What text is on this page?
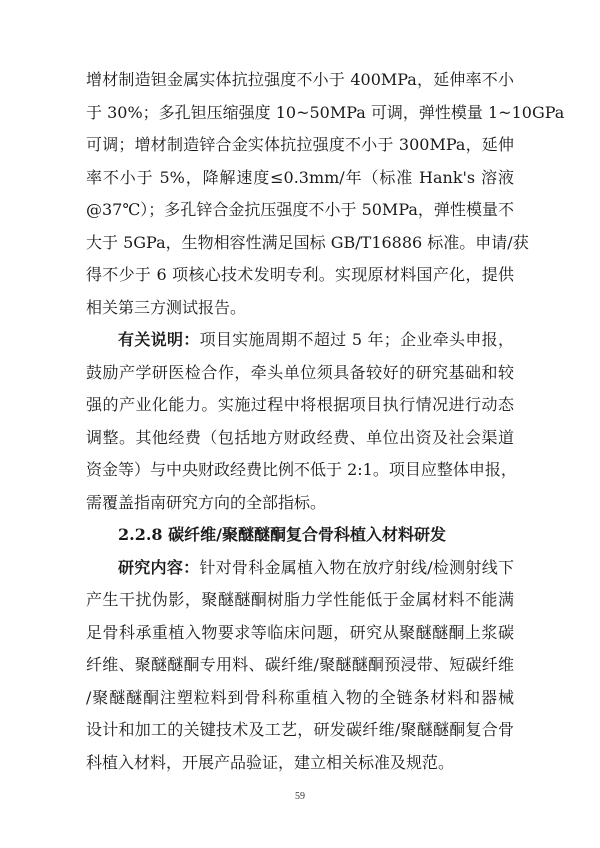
增材制造钽金属实体抗拉强度不小于 400MPa，延伸率不小
于 30%；多孔钽压缩强度 10~50MPa 可调，弹性模量 1~10GPa
可调；增材制造锌合金实体抗拉强度不小于 300MPa，延伸
率不小于 5%，降解速度≤0.3mm/年（标准 Hank's 溶液
@37℃）；多孔锌合金抗压强度不小于 50MPa，弹性模量不
大于 5GPa，生物相容性满足国标 GB/T16886 标准。申请/获
得不少于 6 项核心技术发明专利。实现原材料国产化，提供
相关第三方测试报告。
有关说明：项目实施周期不超过 5 年；企业牵头申报，
鼓励产学研医检合作，牵头单位须具备较好的研究基础和较
强的产业化能力。实施过程中将根据项目执行情况进行动态
调整。其他经费（包括地方财政经费、单位出资及社会渠道
资金等）与中央财政经费比例不低于 2:1。项目应整体申报，
需覆盖指南研究方向的全部指标。
2.2.8 碳纤维/聚醚醚酮复合骨科植入材料研发
研究内容：针对骨科金属植入物在放疗射线/检测射线下
产生干扰伪影，聚醚醚酮树脂力学性能低于金属材料不能满
足骨科承重植入物要求等临床问题，研究从聚醚醚酮上浆碳
纤维、聚醚醚酮专用料、碳纤维/聚醚醚酮预浸带、短碳纤维
/聚醚醚酮注塑粒料到骨科称重植入物的全链条材料和器械
设计和加工的关键技术及工艺，研发碳纤维/聚醚醚酮复合骨
科植入材料，开展产品验证，建立相关标准及规范。
59
